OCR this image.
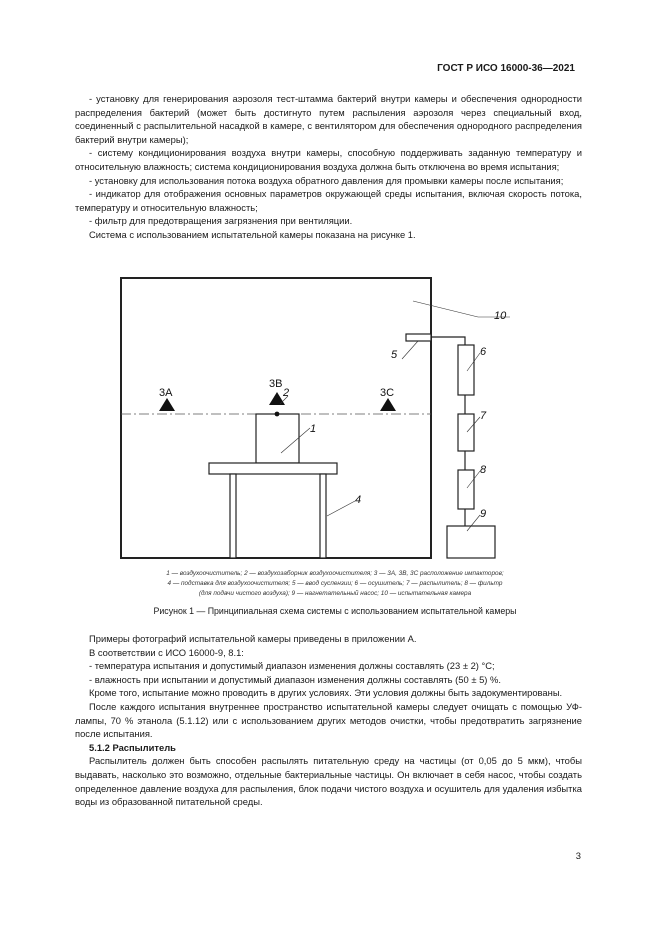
ГОСТ Р ИСО 16000-36—2021

- установку для генерирования аэрозоля тест-штамма бактерий внутри камеры и обеспечения однородности распределения бактерий (может быть достигнуто путем распыления аэрозоля через специальный вход, соединенный с распылительной насадкой в камере, с вентилятором для обеспечения однородного распределения бактерий внутри камеры);

- систему кондиционирования воздуха внутри камеры, способную поддерживать заданную температуру и относительную влажность; система кондиционирования воздуха должна быть отключена во время испытания;

- установку для использования потока воздуха обратного давления для промывки камеры после испытания;

- индикатор для отображения основных параметров окружающей среды испытания, включая скорость потока, температуру и относительную влажность;

- фильтр для предотвращения загрязнения при вентиляции.

Система с использованием испытательной камеры показана на рисунке 1.

1
2
3A
3B
3C
4
5	6
7
8
9
10

1 — воздухоочиститель; 2 — воздухозаборник воздухоочистителя; 3 — 3A, 3B, 3C расположение импакторов;

4 — подставка для воздухоочистителя; 5 — ввод суспензии; 6 — осушитель; 7 — распылитель; 8 — фильтр

(для подачи чистого воздуха); 9 — нагнетательный насос; 10 — испытательная камера

Рисунок 1 — Принципиальная схема системы с использованием испытательной камеры

Примеры фотографий испытательной камеры приведены в приложении А.

В соответствии с ИСО 16000-9, 8.1:

- температура испытания и допустимый диапазон изменения должны составлять (23 ± 2) °С;

- влажность при испытании и допустимый диапазон изменения должны составлять (50 ± 5) %.

Кроме того, испытание можно проводить в других условиях. Эти условия должны быть задокументированы.

После каждого испытания внутреннее пространство испытательной камеры следует очищать с помощью УФ-лампы, 70 % этанола (5.1.12) или с использованием других методов очистки, чтобы предотвратить загрязнение после испытания.

5.1.2 Распылитель

Распылитель должен быть способен распылять питательную среду на частицы (от 0,05 до 5 мкм), чтобы выдавать, насколько это возможно, отдельные бактериальные частицы. Он включает в себя насос, чтобы создать определенное давление воздуха для распыления, блок подачи чистого воздуха и осушитель для удаления избытка воды из образованной питательной среды.

3
